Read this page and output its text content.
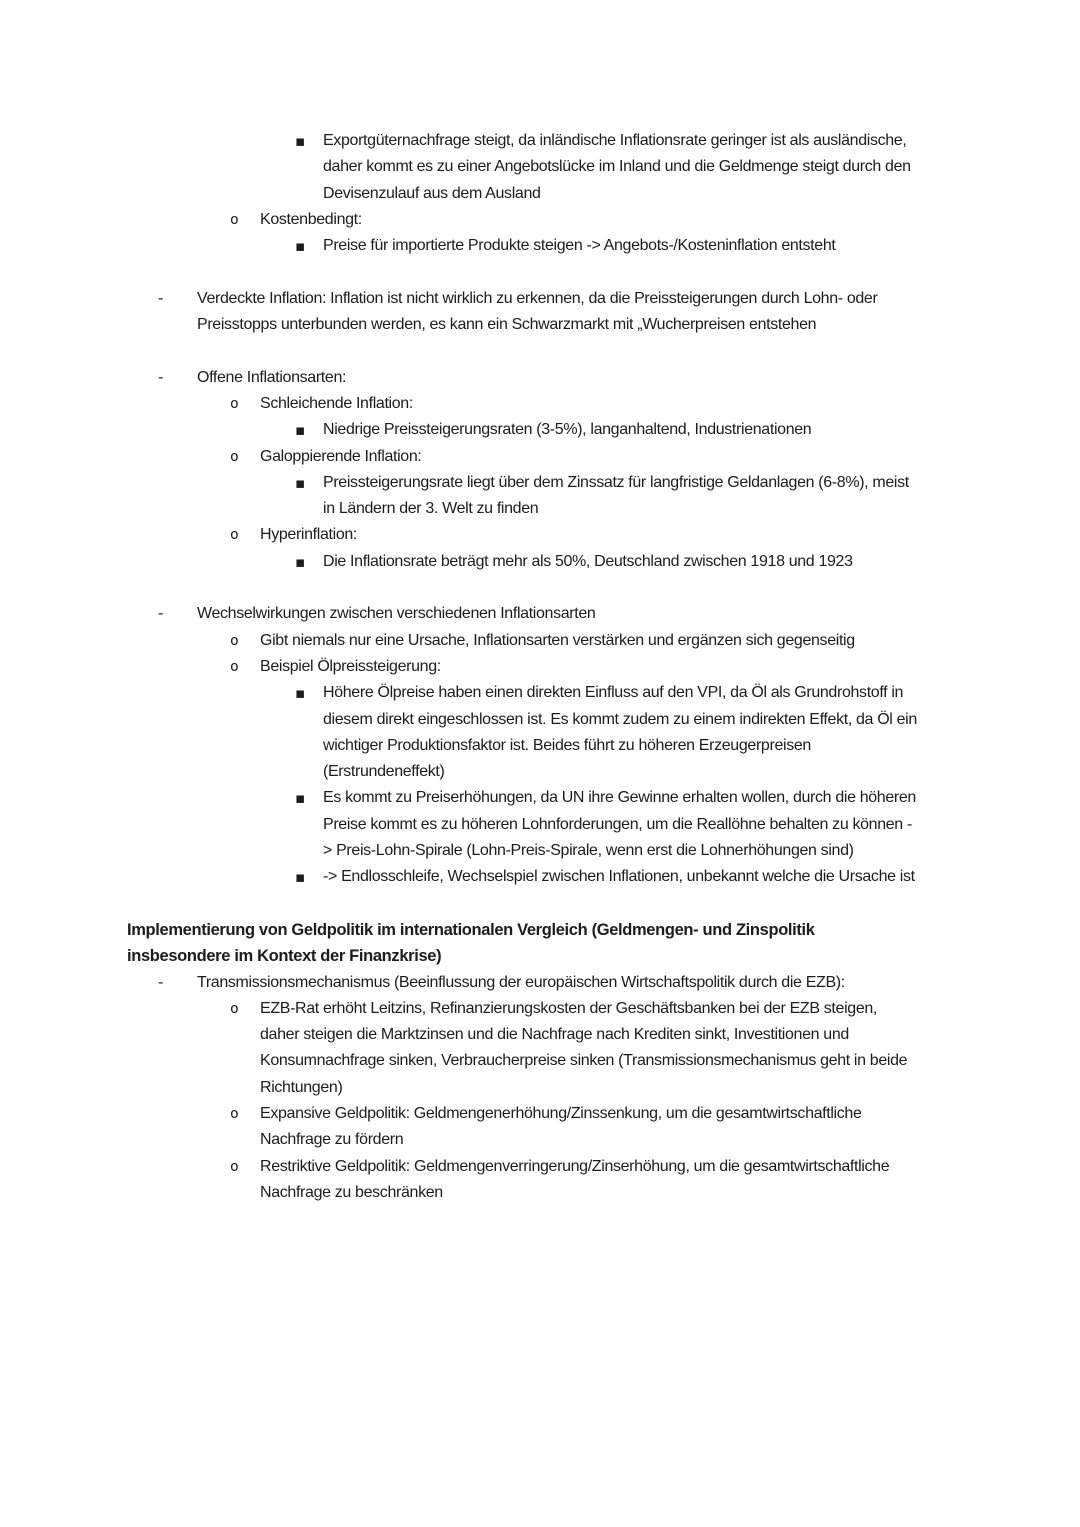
▪	Exportgüternachfrage steigt, da inländische Inflationsrate geringer ist als ausländische, daher kommt es zu einer Angebotslücke im Inland und die Geldmenge steigt durch den Devisenzulauf aus dem Ausland
o	Kostenbedingt:
▪	Preise für importierte Produkte steigen -> Angebots-/Kosteninflation entsteht
-	Verdeckte Inflation: Inflation ist nicht wirklich zu erkennen, da die Preissteigerungen durch Lohn- oder Preisstopps unterbunden werden, es kann ein Schwarzmarkt mit „Wucherpreisen entstehen
-	Offene Inflationsarten:
o	Schleichende Inflation:
▪	Niedrige Preissteigerungsraten (3-5%), langanhaltend, Industrienationen
o	Galoppierende Inflation:
▪	Preissteigerungsrate liegt über dem Zinssatz für langfristige Geldanlagen (6-8%), meist in Ländern der 3. Welt zu finden
o	Hyperinflation:
▪	Die Inflationsrate beträgt mehr als 50%, Deutschland zwischen 1918 und 1923
-	Wechselwirkungen zwischen verschiedenen Inflationsarten
o	Gibt niemals nur eine Ursache, Inflationsarten verstärken und ergänzen sich gegenseitig
o	Beispiel Ölpreissteigerung:
▪	Höhere Ölpreise haben einen direkten Einfluss auf den VPI, da Öl als Grundrohstoff in diesem direkt eingeschlossen ist. Es kommt zudem zu einem indirekten Effekt, da Öl ein wichtiger Produktionsfaktor ist. Beides führt zu höheren Erzeugerpreisen (Erstrundeneffekt)
▪	Es kommt zu Preiserhöhungen, da UN ihre Gewinne erhalten wollen, durch die höheren Preise kommt es zu höheren Lohnforderungen, um die Reallöhne behalten zu können -> Preis-Lohn-Spirale (Lohn-Preis-Spirale, wenn erst die Lohnerhöhungen sind)
▪	-> Endlosschleife, Wechselspiel zwischen Inflationen, unbekannt welche die Ursache ist
Implementierung von Geldpolitik im internationalen Vergleich (Geldmengen- und Zinspolitik insbesondere im Kontext der Finanzkrise)
-	Transmissionsmechanismus (Beeinflussung der europäischen Wirtschaftspolitik durch die EZB):
o	EZB-Rat erhöht Leitzins, Refinanzierungskosten der Geschäftsbanken bei der EZB steigen, daher steigen die Marktzinsen und die Nachfrage nach Krediten sinkt, Investitionen und Konsumnachfrage sinken, Verbraucherpreise sinken (Transmissionsmechanismus geht in beide Richtungen)
o	Expansive Geldpolitik: Geldmengenerhöhung/Zinssenkung, um die gesamtwirtschaftliche Nachfrage zu fördern
o	Restriktive Geldpolitik: Geldmengenverringerung/Zinserhöhung, um die gesamtwirtschaftliche Nachfrage zu beschränken
